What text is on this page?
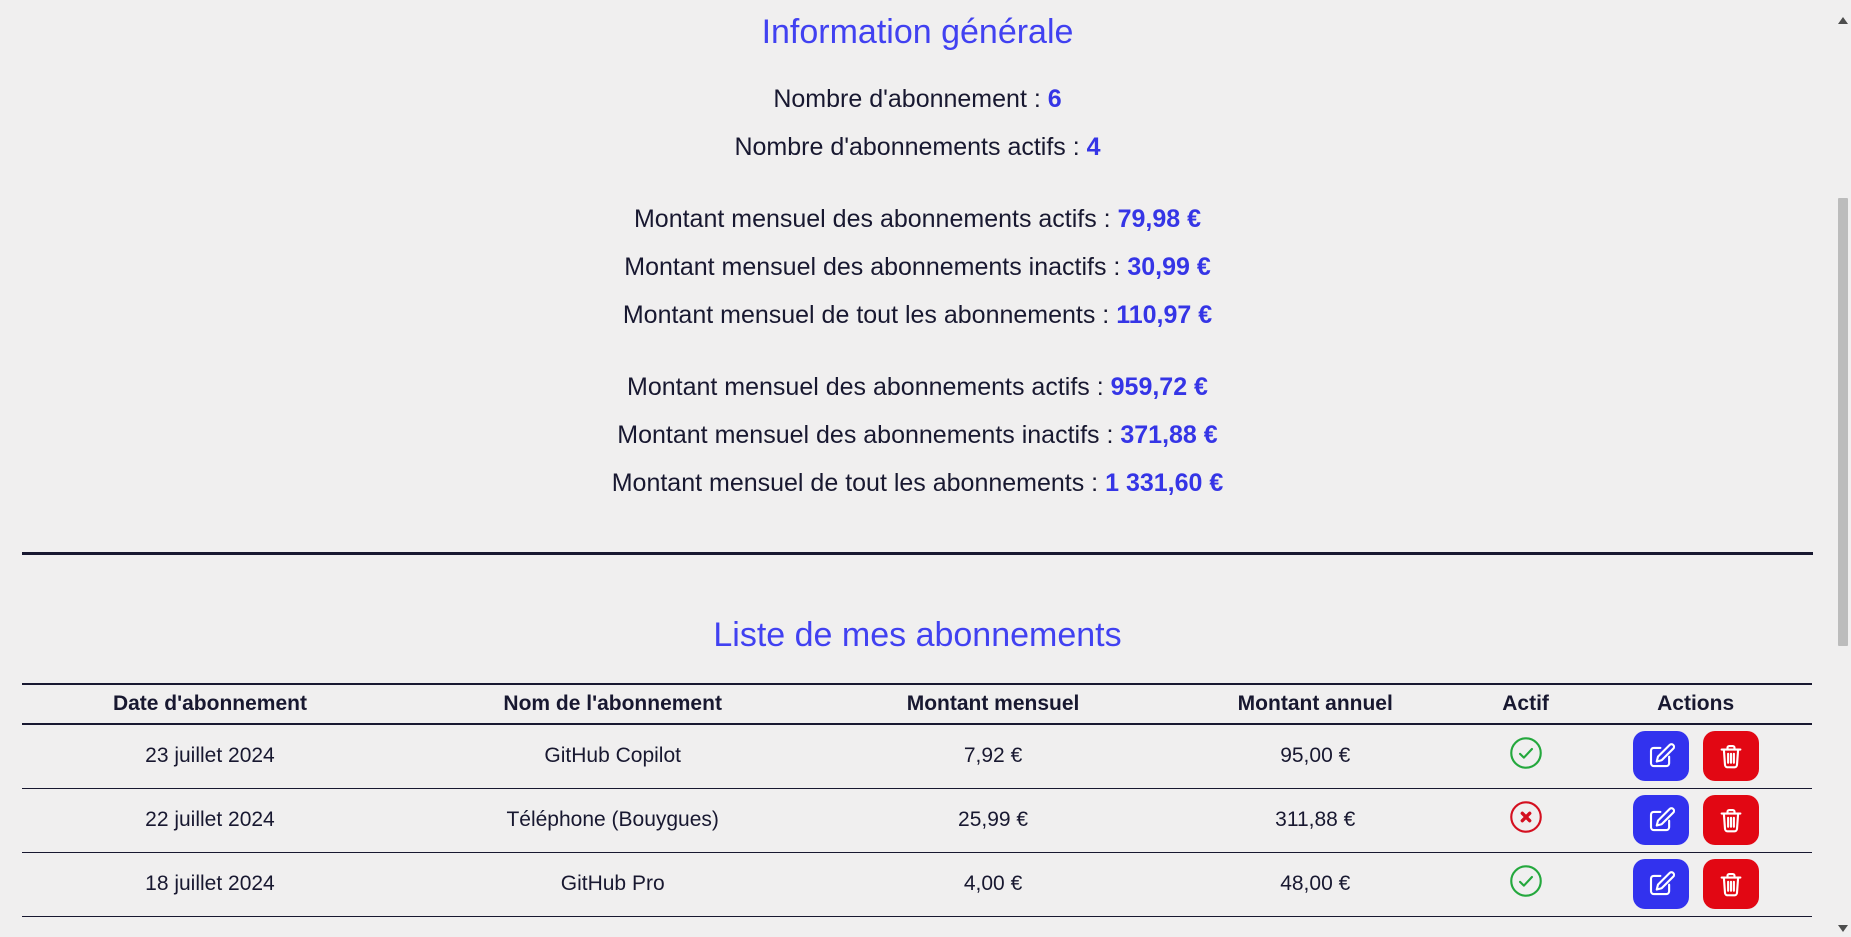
Information générale

Nombre d'abonnement : 6

Nombre d'abonnements actifs : 4

Montant mensuel des abonnements actifs : 79,98 €

Montant mensuel des abonnements inactifs : 30,99 €

Montant mensuel de tout les abonnements : 110,97 €

Montant mensuel des abonnements actifs : 959,72 €

Montant mensuel des abonnements inactifs : 371,88 €

Montant mensuel de tout les abonnements : 1 331,60 €

Liste de mes abonnements
Date d'abonnement	Nom de l'abonnement	Montant mensuel	Montant annuel	Actif	Actions
23 juillet 2024	GitHub Copilot	7,92 €	95,00 €		

22 juillet 2024	Téléphone (Bouygues)	25,99 €	311,88 €		

18 juillet 2024	GitHub Pro	4,00 €	48,00 €		
